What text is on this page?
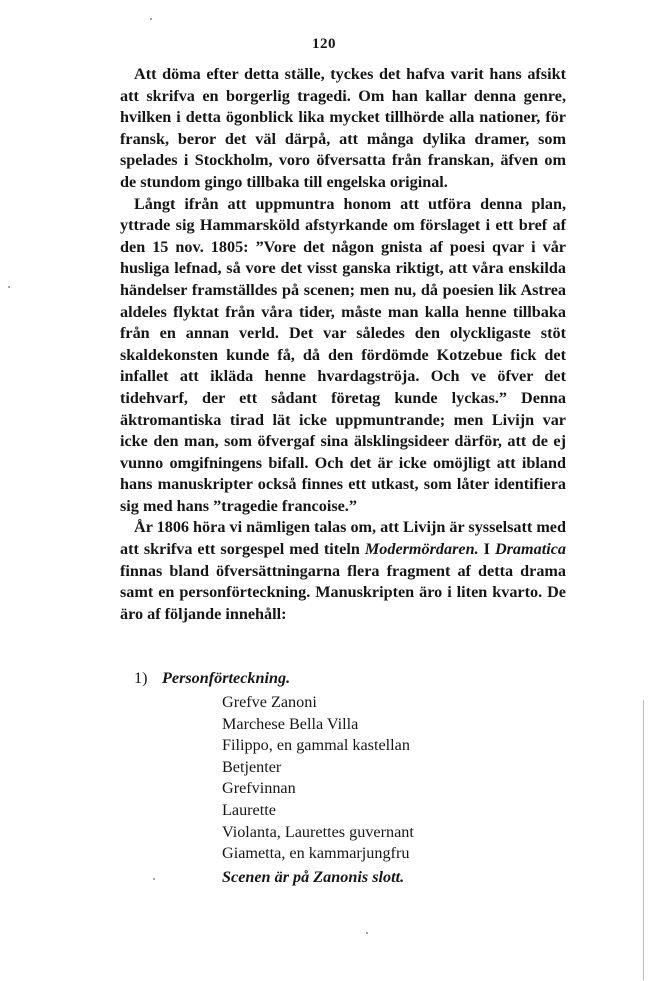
120

Att döma efter detta ställe, tyckes det hafva varit hans afsikt att skrifva en borgerlig tragedi. Om han kallar denna genre, hvilken i detta ögonblick lika mycket tillhörde alla nationer, för fransk, beror det väl därpå, att många dylika dramer, som spelades i Stockholm, voro öfversatta från franskan, äfven om de stundom gingo tillbaka till engelska original.

Långt ifrån att uppmuntra honom att utföra denna plan, yttrade sig Hammarsköld afstyrkande om förslaget i ett bref af den 15 nov. 1805: ”Vore det någon gnista af poesi qvar i vår husliga lefnad, så vore det visst ganska riktigt, att våra enskilda händelser framställdes på scenen; men nu, då poesien lik Astrea aldeles flyktat från våra tider, måste man kalla henne tillbaka från en annan verld. Det var således den olyckligaste stöt skaldekonsten kunde få, då den fördömde Kotzebue fick det infallet att ikläda henne hvardagströja. Och ve öfver det tidehvarf, der ett sådant företag kunde lyckas.” Denna äktromantiska tirad lät icke uppmuntrande; men Livijn var icke den man, som öfvergaf sina älsklingsideer därför, att de ej vunno omgifningens bifall. Och det är icke omöjligt att ibland hans manuskripter också finnes ett utkast, som låter identifiera sig med hans ”tragedie francoise.”

År 1806 höra vi nämligen talas om, att Livijn är sysselsatt med att skrifva ett sorgespel med titeln Modermördaren. I Dramatica finnas bland öfversättningarna flera fragment af detta drama samt en personförteckning. Manuskripten äro i liten kvarto. De äro af följande innehåll:

1) Personförteckning.

Grefve Zanoni
Marchese Bella Villa
Filippo, en gammal kastellan
Betjenter
Grefvinnan
Laurette
Violanta, Laurettes guvernant
Giametta, en kammarjungfru

Scenen är på Zanonis slott.
